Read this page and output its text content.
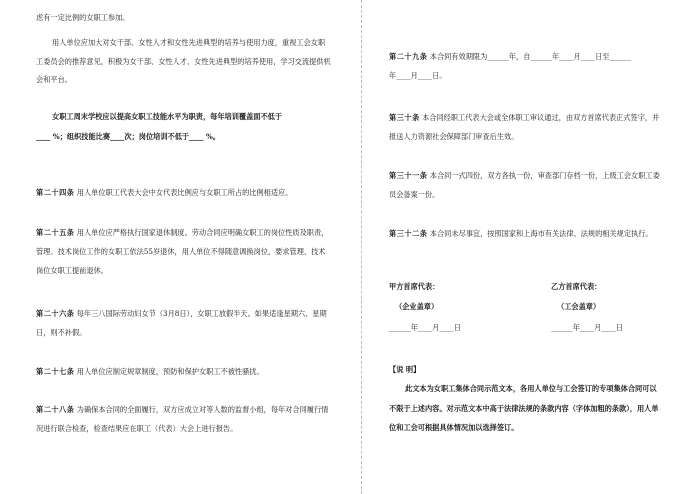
虑有一定比例的女职工参加。

用人单位应加大对女干部、女性人才和女性先进典型的培养与使用力度，重视工会女职工委员会的推荐意见，积极为女干部、女性人才、女性先进典型的培养使用，学习交流提供机会和平台。

女职工周末学校应以提高女职工技能水平为职责，每年培训覆盖面不低于

____ %；组织技能比赛____次；岗位培训不低于____ %。

第二十四条 用人单位职工代表大会中女代表比例应与女职工所占的比例相适应。

第二十五条 用人单位应严格执行国家退休制度。劳动合同应明确女职工的岗位性质及职责，管理、技术岗位工作的女职工依法55岁退休，用人单位不得随意调换岗位，要求管理、技术岗位女职工提前退休。

第二十六条 每年三八国际劳动妇女节（3月8日），女职工放假半天。如果适逢星期六、星期日，则不补假。

第二十七条 用人单位应制定规章制度，预防和保护女职工不被性骚扰。

第二十八条 为确保本合同的全面履行，双方应成立对等人数的监督小组，每年对合同履行情况进行联合检查，检查结果应在职工（代表）大会上进行报告。

第二十九条 本合同有效期限为______年，自______年____月____日至______

年____月____日。

第三十条 本合同经职工代表大会或全体职工审议通过，由双方首席代表正式签字，并报送人力资源社会保障部门审查后生效。

第三十一条 本合同一式四份，双方各执一份，审查部门存档一份，上级工会女职工委员会备案一份。

第三十二条 本合同未尽事宜，按照国家和上海市有关法律、法规的相关规定执行。

甲方首席代表：	乙方首席代表：
（企业盖章）	（工会盖章）
______年____月____日	______年____月____日

【说 明】

此文本为女职工集体合同示范文本，各用人单位与工会签订的专项集体合同可以不限于上述内容。对示范文本中高于法律法规的条款内容（字体加粗的条款），用人单位和工会可根据具体情况加以选择签订。
